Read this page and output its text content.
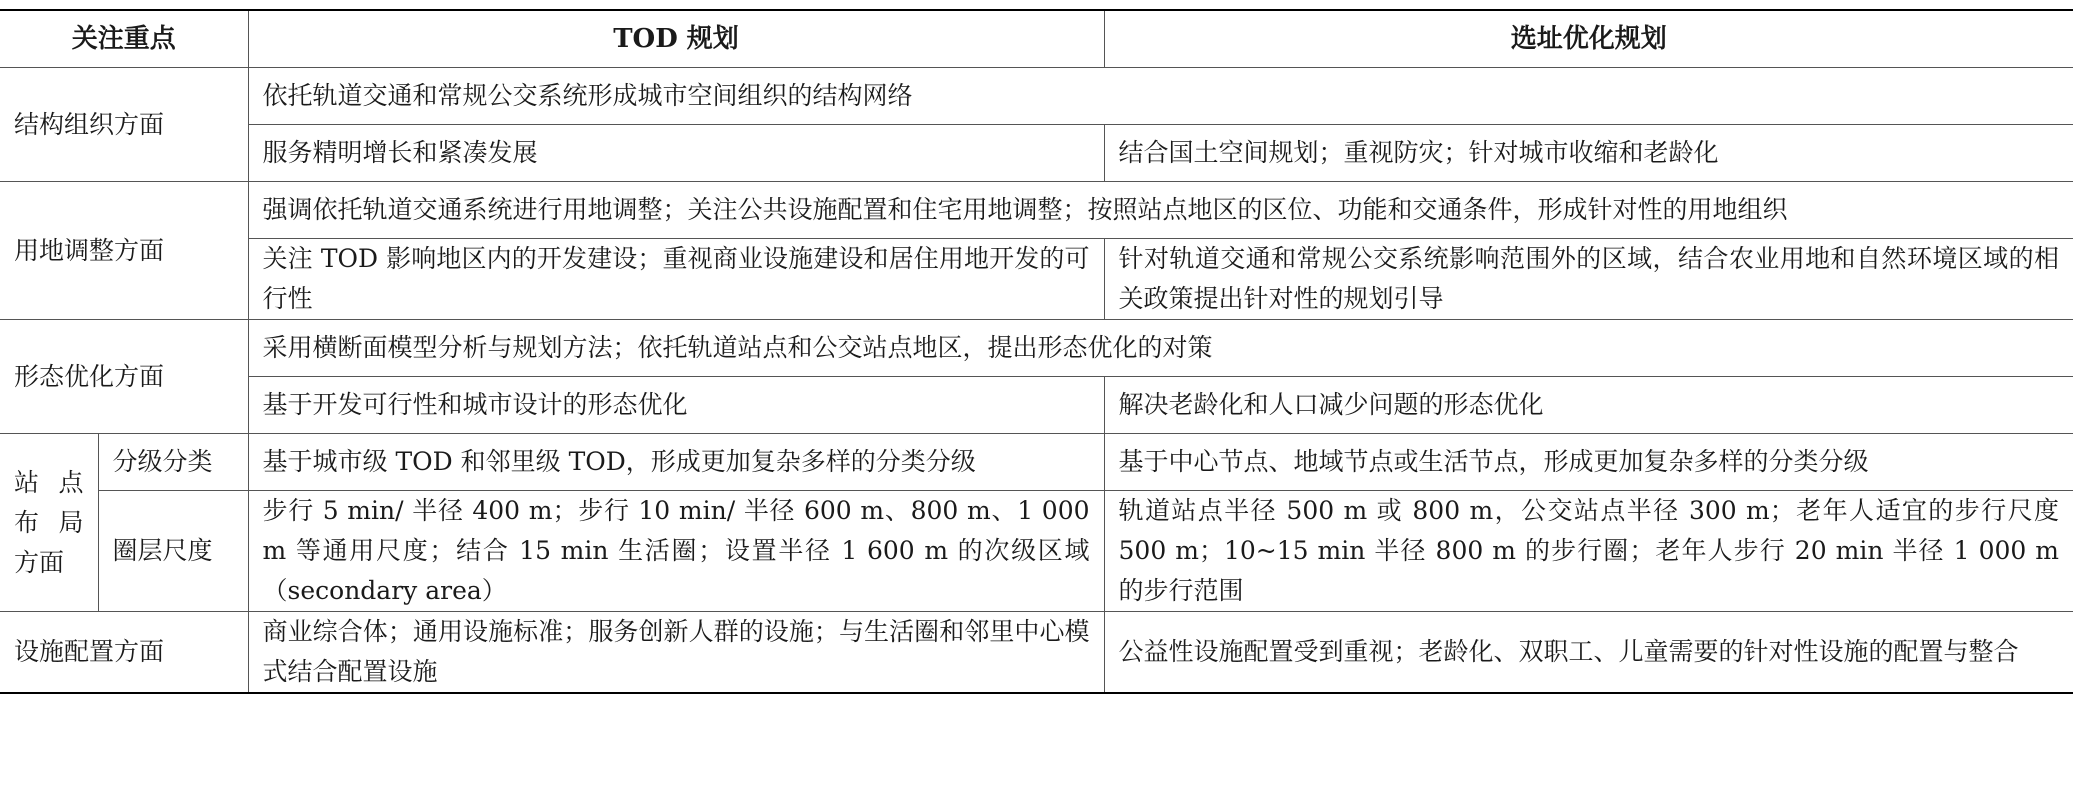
关注重点		TOD 规划	选址优化规划
结构组织方面		依托轨道交通和常规公交系统形成城市空间组织的结构网络	
		服务精明增长和紧凑发展	结合国土空间规划；重视防灾；针对城市收缩和老龄化
用地调整方面		强调依托轨道交通系统进行用地调整；关注公共设施配置和住宅用地调整；按照站点地区的区位、功能和交通条件，形成针对性的用地组织	
		关注 TOD 影响地区内的开发建设；重视商业设施建设和居住用地开发的可行性	针对轨道交通和常规公交系统影响范围外的区域，结合农业用地和自然环境区域的相关政策提出针对性的规划引导
形态优化方面		采用横断面模型分析与规划方法；依托轨道站点和公交站点地区，提出形态优化的对策	
		基于开发可行性和城市设计的形态优化	解决老龄化和人口减少问题的形态优化
站点布局方面	分级分类	基于城市级 TOD 和邻里级 TOD，形成更加复杂多样的分类分级	基于中心节点、地域节点或生活节点，形成更加复杂多样的分类分级
	圈层尺度	步行 5 min/ 半径 400 m；步行 10 min/ 半径 600 m、800 m、1 000 m 等通用尺度；结合 15 min 生活圈；设置半径 1 600 m 的次级区域（secondary area）	轨道站点半径 500 m 或 800 m，公交站点半径 300 m；老年人适宜的步行尺度 500 m；10~15 min 半径 800 m 的步行圈；老年人步行 20 min 半径 1 000 m 的步行范围
设施配置方面		商业综合体；通用设施标准；服务创新人群的设施；与生活圈和邻里中心模式结合配置设施	公益性设施配置受到重视；老龄化、双职工、儿童需要的针对性设施的配置与整合
